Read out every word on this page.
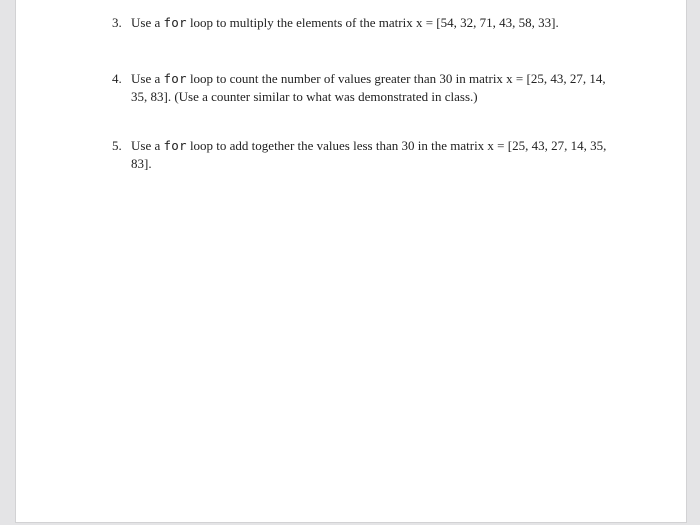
3. Use a for loop to multiply the elements of the matrix x = [54, 32, 71, 43, 58, 33].
4. Use a for loop to count the number of values greater than 30 in matrix x = [25, 43, 27, 14, 35, 83]. (Use a counter similar to what was demonstrated in class.)
5. Use a for loop to add together the values less than 30 in the matrix x = [25, 43, 27, 14, 35, 83].
